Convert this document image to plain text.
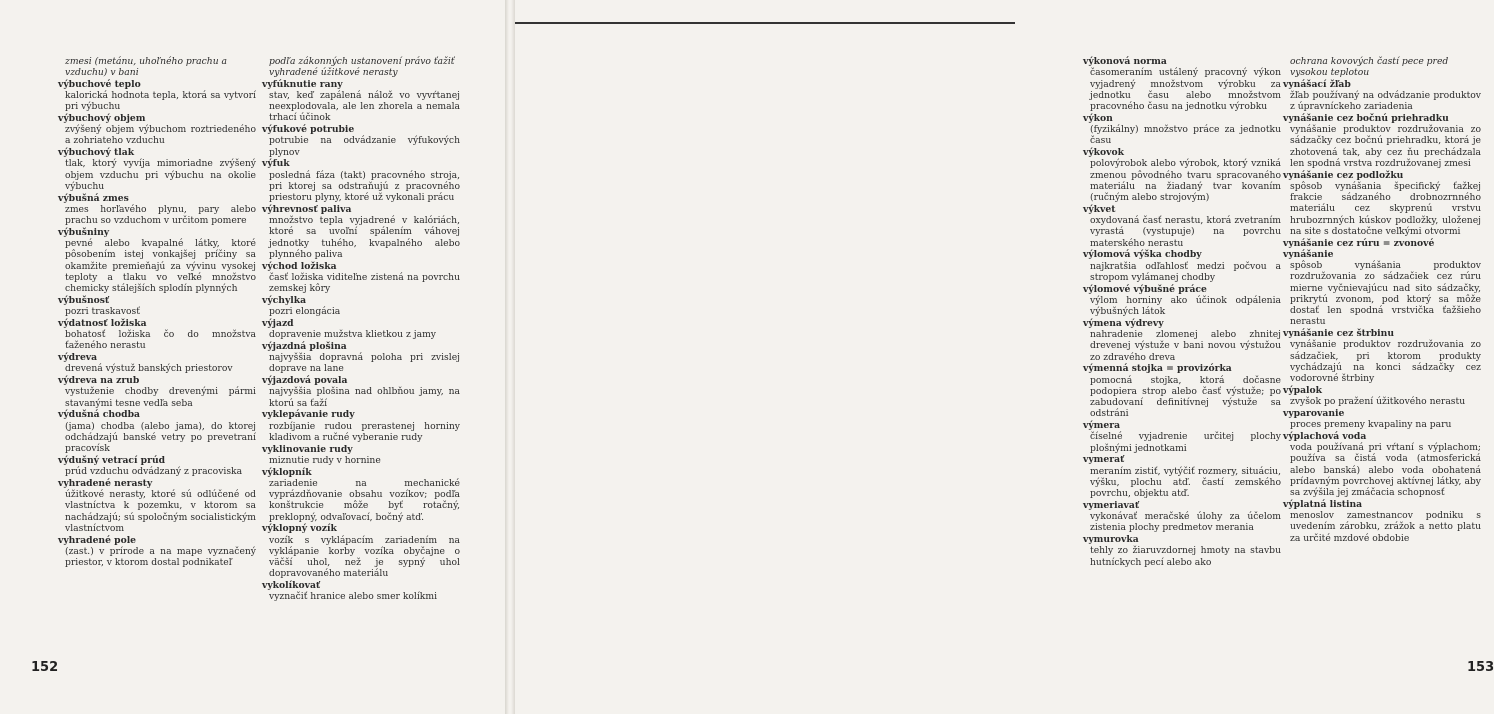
zmesi (metánu, uhoľného prachu a vzduchu) v bani
výbuchové teplo
kalorická hodnota tepla, ktorá sa vytvorí pri výbuchu
výbuchový objem
zvýšený objem výbuchom roztriedeného a zohriateho vzduchu
výbuchový tlak
tlak, ktorý vyvíja mimoriadne zvýšený objem vzduchu pri výbuchu na okolie výbuchu
výbušná zmes
zmes horľavého plynu, pary alebo prachu so vzduchom v určitom pomere
výbušniny
pevné alebo kvapalné látky, ktoré pôsobením istej vonkajšej príčiny sa okamžite premieňajú za vývinu vysokej teploty a tlaku vo veľké množstvo chemicky stálejších splodín plynných
výbušnosť
pozri traskavosť
výdatnosť ložiska
bohatosť ložiska čo do množstva ťaženého nerastu
výdreva
drevená výstuž banských priestorov
výdreva na zrub
vystuženie chodby drevenými pármi stavanými tesne vedľa seba
výdušná chodba
(jama) chodba (alebo jama), do ktorej odchádzajú banské vetry po prevetraní pracovísk
výdušný vetrací prúd
prúd vzduchu odvádzaný z pracoviska
vyhradené nerasty
úžitkové nerasty, ktoré sú odlúčené od vlastníctva k pozemku, v ktorom sa nachádzajú; sú spoločným socialistickým vlastníctvom
vyhradené pole
(zast.) v prírode a na mape vyznačený priestor, v ktorom dostal podnikateľ
podľa zákonných ustanovení právo ťažiť vyhradené úžitkové nerasty
vyfúknutie rany
stav, keď zapálená nálož vo vyvŕtanej neexplodovala, ale len zhorela a nemala trhací účinok
výfukové potrubie
potrubie na odvádzanie výfukových plynov
výfuk
posledná fáza (takt) pracovného stroja, pri ktorej sa odstraňujú z pracovného priestoru plyny, ktoré už vykonali prácu
výhrevnosť paliva
množstvo tepla vyjadrené v kalóriách, ktoré sa uvoľní spálením váhovej jednotky tuhého, kvapalného alebo plynného paliva
východ ložiska
časť ložiska viditeľne zistená na povrchu zemskej kôry
výchylka
pozri elongácia
výjazd
dopravenie mužstva klietkou z jamy
výjazdná plošina
najvyššia dopravná poloha pri zvislej doprave na lane
výjazdová povala
najvyššia plošina nad ohlbňou jamy, na ktorú sa ťaží
vyklepávanie rudy
rozbíjanie rudou prerastenej horniny kladivom a ručné vyberanie rudy
vyklinovanie rudy
miznutie rudy v hornine
výklopník
zariadenie na mechanické vyprázdňovanie obsahu vozíkov; podľa konštrukcie môže byť rotačný, preklopný, odvaľovací, bočný atď.
výklopný vozík
vozík s vyklápacím zariadením na vyklápanie korby vozíka obyčajne o väčší uhol, než je sypný uhol dopravovaného materiálu
vykolíkovať
vyznačiť hranice alebo smer kolíkmi
152
výkonová norma
časomeraním ustálený pracovný výkon vyjadrený množstvom výrobku za jednotku času alebo množstvom pracovného času na jednotku výrobku
výkon
(fyzikálny) množstvo práce za jednotku času
výkovok
polovýrobok alebo výrobok, ktorý vzniká zmenou pôvodného tvaru spracovaného materiálu na žiadaný tvar kovaním (ručným alebo strojovým)
výkvet
oxydovaná časť nerastu, ktorá zvetraním vyrastá (vystupuje) na povrchu materského nerastu
výlomová výška chodby
najkratšia odľahlosť medzi počvou a stropom vylámanej chodby
výlomové výbušné práce
výlom horniny ako účinok odpálenia výbušných látok
výmena výdrevy
nahradenie zlomenej alebo zhnitej drevenej výstuže v bani novou výstužou zo zdravého dreva
výmenná stojka = provizórka
pomocná stojka, ktorá dočasne podopiera strop alebo časť výstuže; po zabudovaní definitívnej výstuže sa odstráni
výmera
číselné vyjadrenie určitej plochy plošnými jednotkami
vymerať
meraním zistiť, vytýčiť rozmery, situáciu, výšku, plochu atď. častí zemského povrchu, objektu atď.
vymeriavať
vykonávať meračské úlohy za účelom zistenia plochy predmetov merania
vymurovka
tehly zo žiaruvzdornej hmoty na stavbu hutníckych pecí alebo ako
ochrana kovových častí pece pred vysokou teplotou
vynášací žľab
žľab používaný na odvádzanie produktov z úpravníckeho zariadenia
vynášanie cez bočnú priehradku
vynášanie produktov rozdružovania zo sádzačky cez bočnú priehradku, ktorá je zhotovená tak, aby cez ňu prechádzala len spodná vrstva rozdružovanej zmesi
vynášanie cez podložku
spôsob vynášania špecifický ťažkej frakcie sádzaného drobnozrnného materiálu cez skyprenú vrstvu hrubozrnných kúskov podložky, uloženej na site s dostatočne veľkými otvormi
vynášanie cez rúru = zvonové vynášanie
spôsob vynášania produktov rozdružovania zo sádzačiek cez rúru mierne vyčnievajúcu nad sito sádzačky, prikrytú zvonom, pod ktorý sa môže dostať len spodná vrstvička ťažšieho nerastu
vynášanie cez štrbinu
vynášanie produktov rozdružovania zo sádzačiek, pri ktorom produkty vychádzajú na konci sádzačky cez vodorovné štrbiny
výpalok
zvyšok po pražení úžitkového nerastu
vyparovanie
proces premeny kvapaliny na paru
výplachová voda
voda používaná pri vŕtaní s výplachom; používa sa čistá voda (atmosferická alebo banská) alebo voda obohatená prídavným povrchovej aktívnej látky, aby sa zvýšila jej zmáčacia schopnosť
výplatná listina
menoslov zamestnancov podniku s uvedením zárobku, zrážok a netto platu za určité mzdové obdobie
153
